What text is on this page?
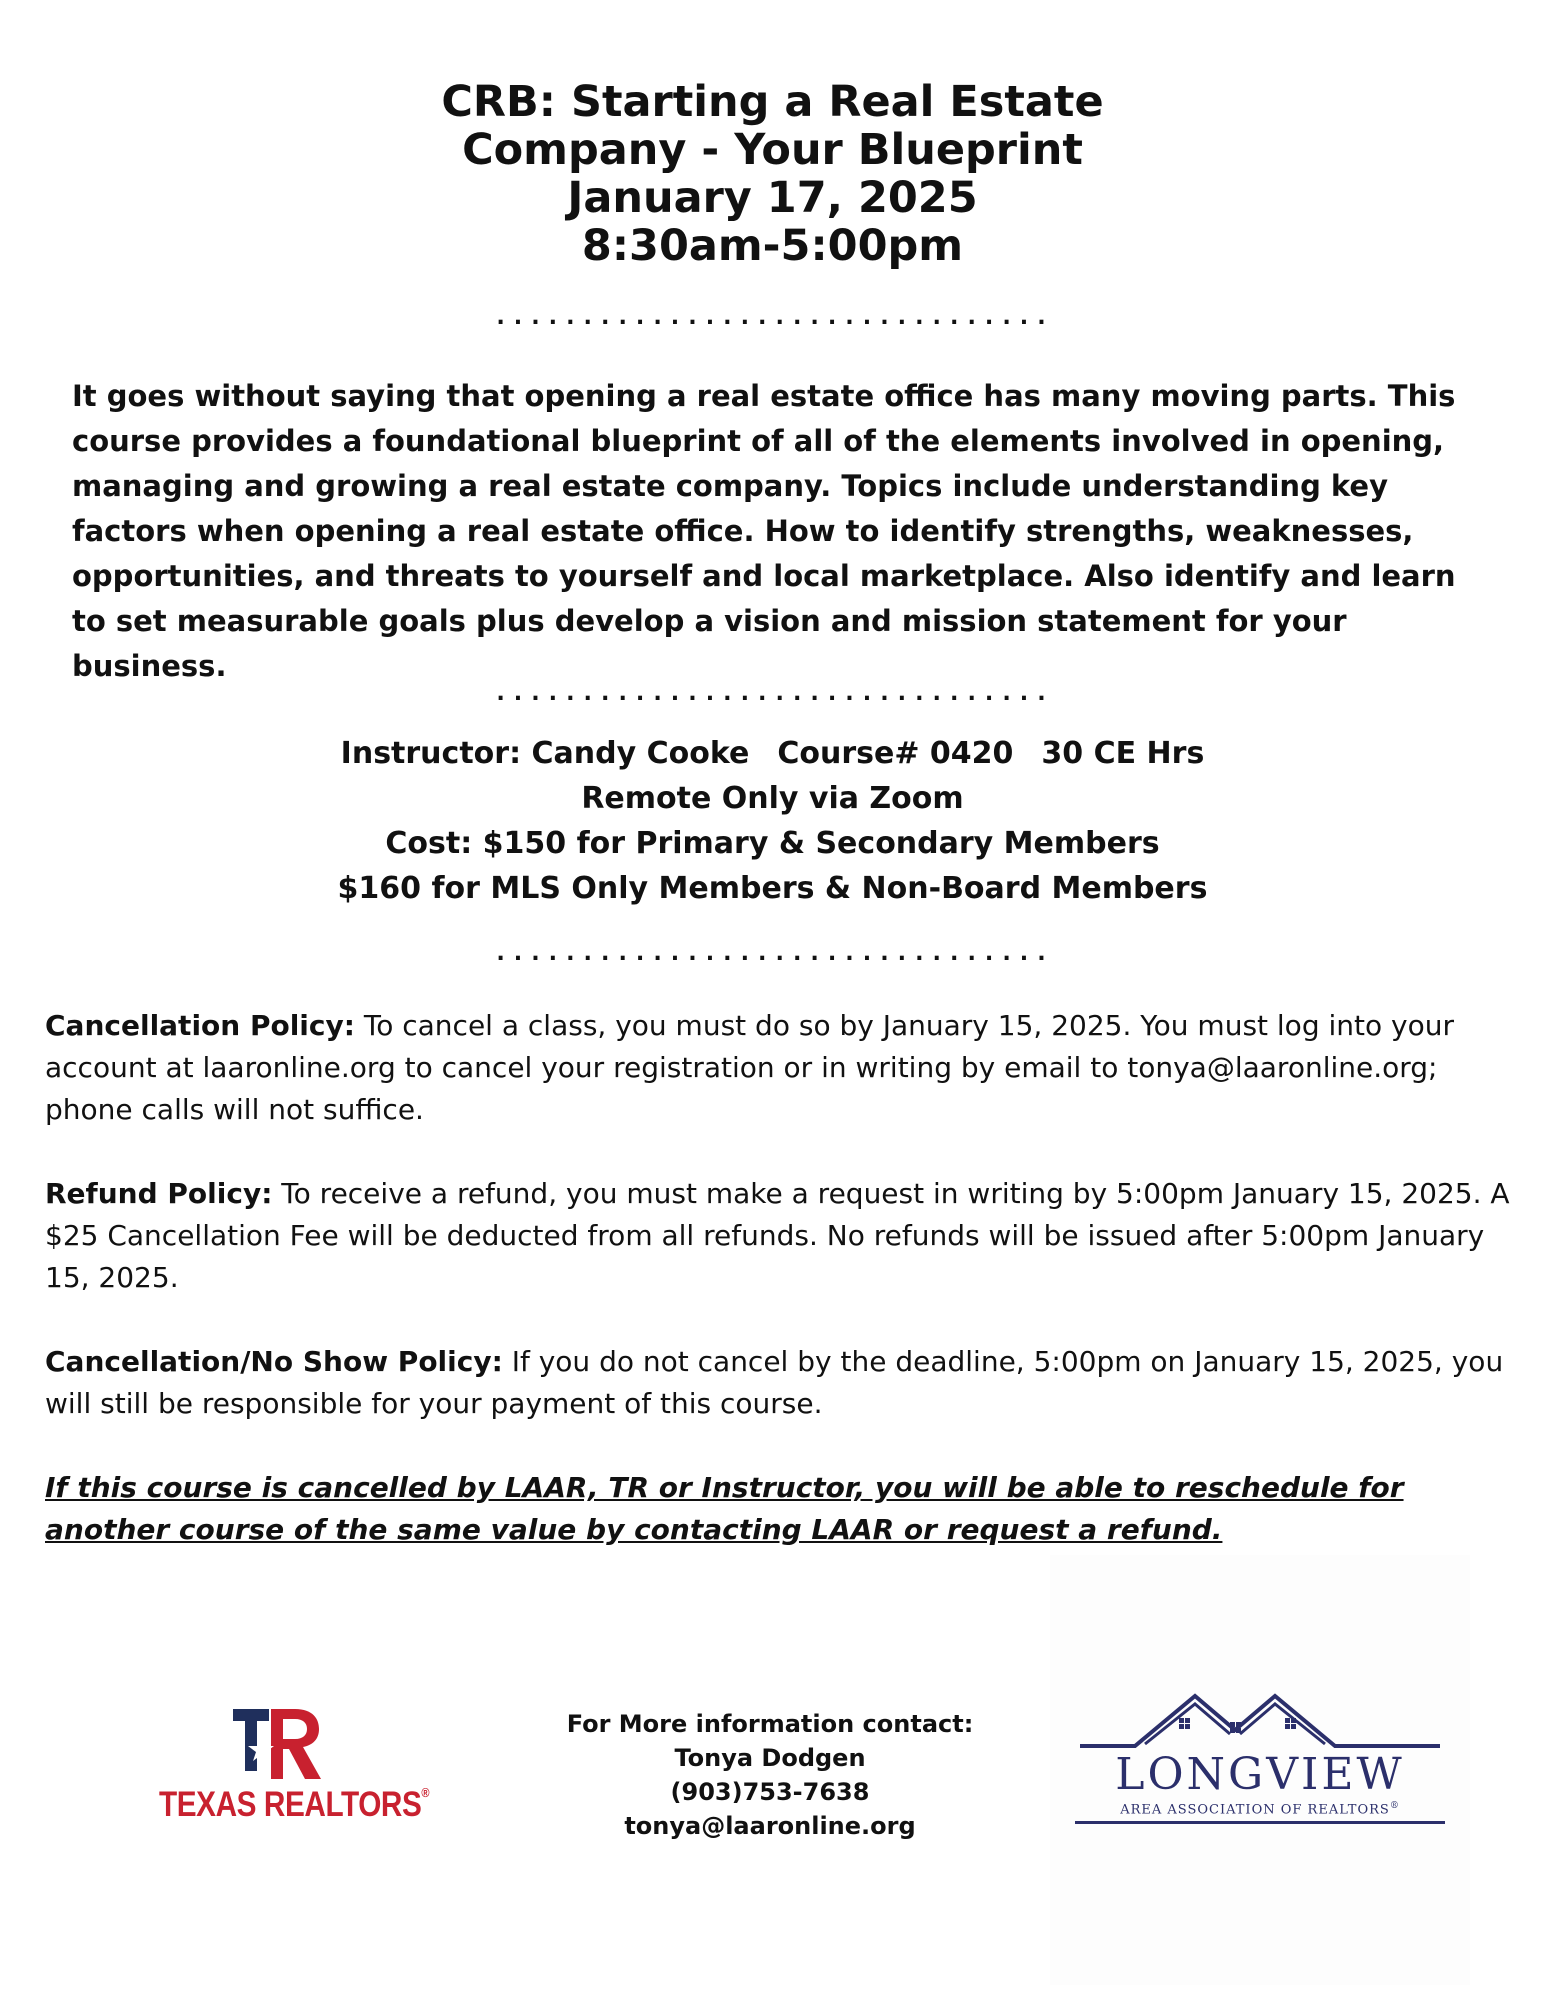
CRB: Starting a Real Estate
Company - Your Blueprint
January 17, 2025
8:30am-5:00pm
................................

It goes without saying that opening a real estate office has many moving parts. This course provides a foundational blueprint of all of the elements involved in opening, managing and growing a real estate company. Topics include understanding key factors when opening a real estate office. How to identify strengths, weaknesses, opportunities, and threats to yourself and local marketplace. Also identify and learn to set measurable goals plus develop a vision and mission statement for your business.

................................
Instructor: Candy Cooke Course# 0420 30 CE Hrs
Remote Only via Zoom
Cost: $150 for Primary & Secondary Members
$160 for MLS Only Members & Non-Board Members
................................

Cancellation Policy: To cancel a class, you must do so by January 15, 2025. You must log into your account at laaronline.org to cancel your registration or in writing by email to tonya@laaronline.org; phone calls will not suffice.

Refund Policy: To receive a refund, you must make a request in writing by 5:00pm January 15, 2025. A $25 Cancellation Fee will be deducted from all refunds. No refunds will be issued after 5:00pm January 15, 2025.

Cancellation/No Show Policy: If you do not cancel by the deadline, 5:00pm on January 15, 2025, you will still be responsible for your payment of this course.

If this course is cancelled by LAAR, TR or Instructor, you will be able to reschedule for another course of the same value by contacting LAAR or request a refund.

TEXAS REALTORS®
For More information contact:
Tonya Dodgen
(903)753-7638
tonya@laaronline.org
LONGVIEW
AREA ASSOCIATION OF REALTORS®
